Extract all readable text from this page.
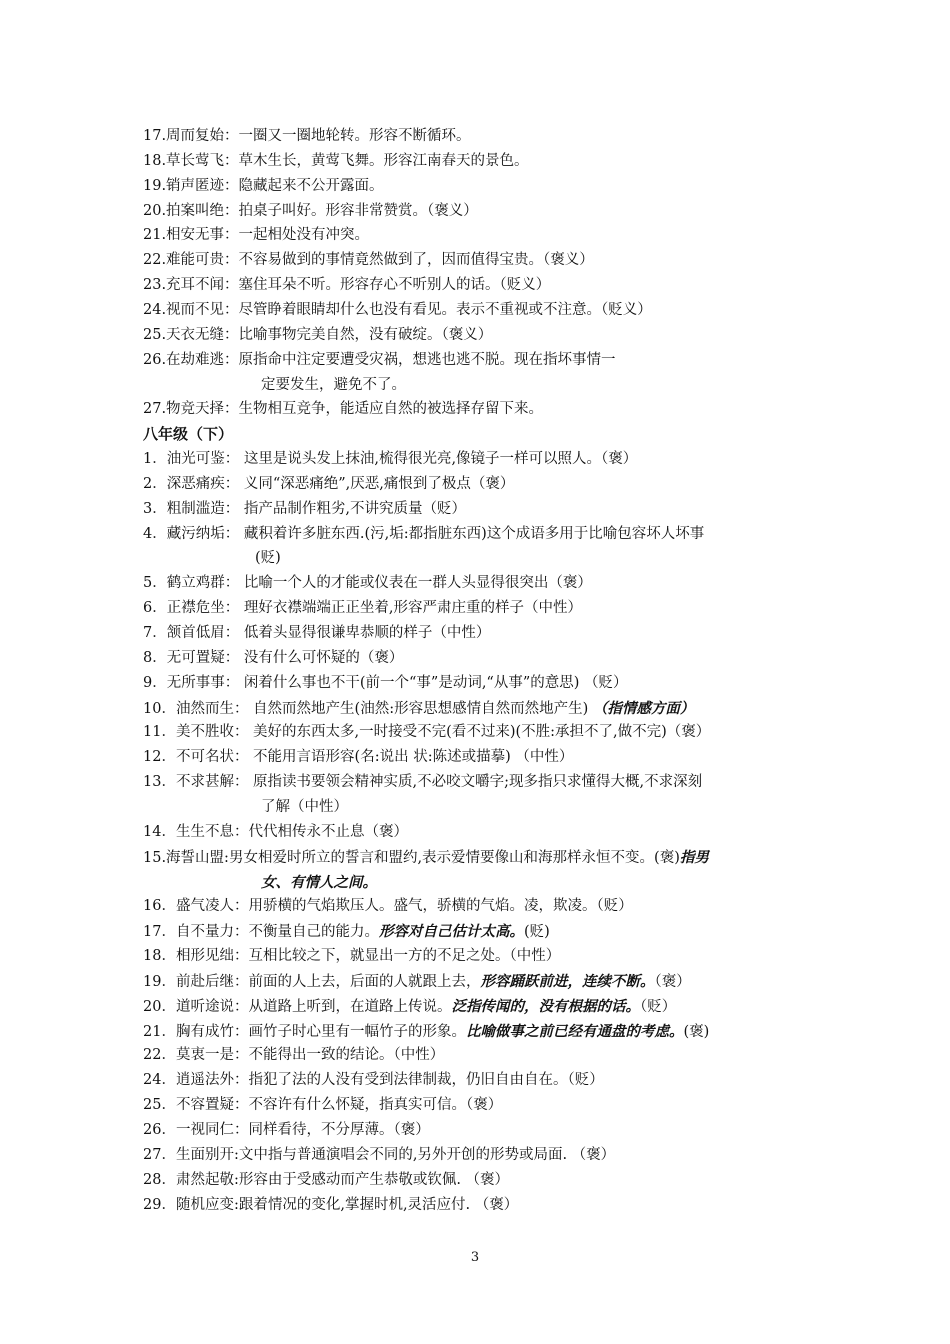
17.周而复始：一圈又一圈地轮转。形容不断循环。
18.草长莺飞：草木生长，黄莺飞舞。形容江南春天的景色。
19.销声匿迹：隐藏起来不公开露面。
20.拍案叫绝：拍桌子叫好。形容非常赞赏。（褒义）
21.相安无事：一起相处没有冲突。
22.难能可贵：不容易做到的事情竟然做到了，因而值得宝贵。（褒义）
23.充耳不闻：塞住耳朵不听。形容存心不听别人的话。（贬义）
24.视而不见：尽管睁着眼睛却什么也没有看见。表示不重视或不注意。（贬义）
25.天衣无缝：比喻事物完美自然，没有破绽。（褒义）
26.在劫难逃：原指命中注定要遭受灾祸，想逃也逃不脱。现在指坏事情一
定要发生，避免不了。
27.物竞天择：生物相互竞争，能适应自然的被选择存留下来。
八年级（下）
1．油光可鉴： 这里是说头发上抹油,梳得很光亮,像镜子一样可以照人。（褒）
2．深恶痛疾： 义同“深恶痛绝”,厌恶,痛恨到了极点（褒）
3．粗制滥造： 指产品制作粗劣,不讲究质量（贬）
4．藏污纳垢： 藏积着许多脏东西.(污,垢:都指脏东西)这个成语多用于比喻包容坏人坏事
(贬)
5．鹤立鸡群： 比喻一个人的才能或仪表在一群人头显得很突出（褒）
6．正襟危坐： 理好衣襟端端正正坐着,形容严肃庄重的样子（中性）
7．颔首低眉： 低着头显得很谦卑恭顺的样子（中性）
8．无可置疑： 没有什么可怀疑的（褒）
9．无所事事： 闲着什么事也不干(前一个“事”是动词,“从事”的意思) （贬）
10．油然而生： 自然而然地产生(油然:形容思想感情自然而然地产生) （指情感方面）
11．美不胜收： 美好的东西太多,一时接受不完(看不过来)(不胜:承担不了,做不完)（褒）
12．不可名状： 不能用言语形容(名:说出 状:陈述或描摹) （中性）
13．不求甚解： 原指读书要领会精神实质,不必咬文嚼字;现多指只求懂得大概,不求深刻
了解（中性）
14．生生不息：代代相传永不止息（褒）
15.海誓山盟:男女相爱时所立的誓言和盟约,表示爱情要像山和海那样永恒不变。(褒)指男
女、有情人之间。
16．盛气凌人：用骄横的气焰欺压人。盛气，骄横的气焰。凌，欺凌。（贬）
17．自不量力：不衡量自己的能力。形容对自己估计太高。(贬)
18．相形见绌：互相比较之下，就显出一方的不足之处。（中性）
19．前赴后继：前面的人上去，后面的人就跟上去，形容踊跃前进，连续不断。（褒）
20．道听途说：从道路上听到，在道路上传说。泛指传闻的，没有根据的话。（贬）
21．胸有成竹：画竹子时心里有一幅竹子的形象。比喻做事之前已经有通盘的考虑。(褒)
22．莫衷一是：不能得出一致的结论。（中性）
24．逍遥法外：指犯了法的人没有受到法律制裁，仍旧自由自在。（贬）
25．不容置疑：不容许有什么怀疑，指真实可信。（褒）
26．一视同仁：同样看待，不分厚薄。（褒）
27．生面别开:文中指与普通演唱会不同的,另外开创的形势或局面. （褒）
28．肃然起敬:形容由于受感动而产生恭敬或钦佩. （褒）
29．随机应变:跟着情况的变化,掌握时机,灵活应付. （褒）
3
